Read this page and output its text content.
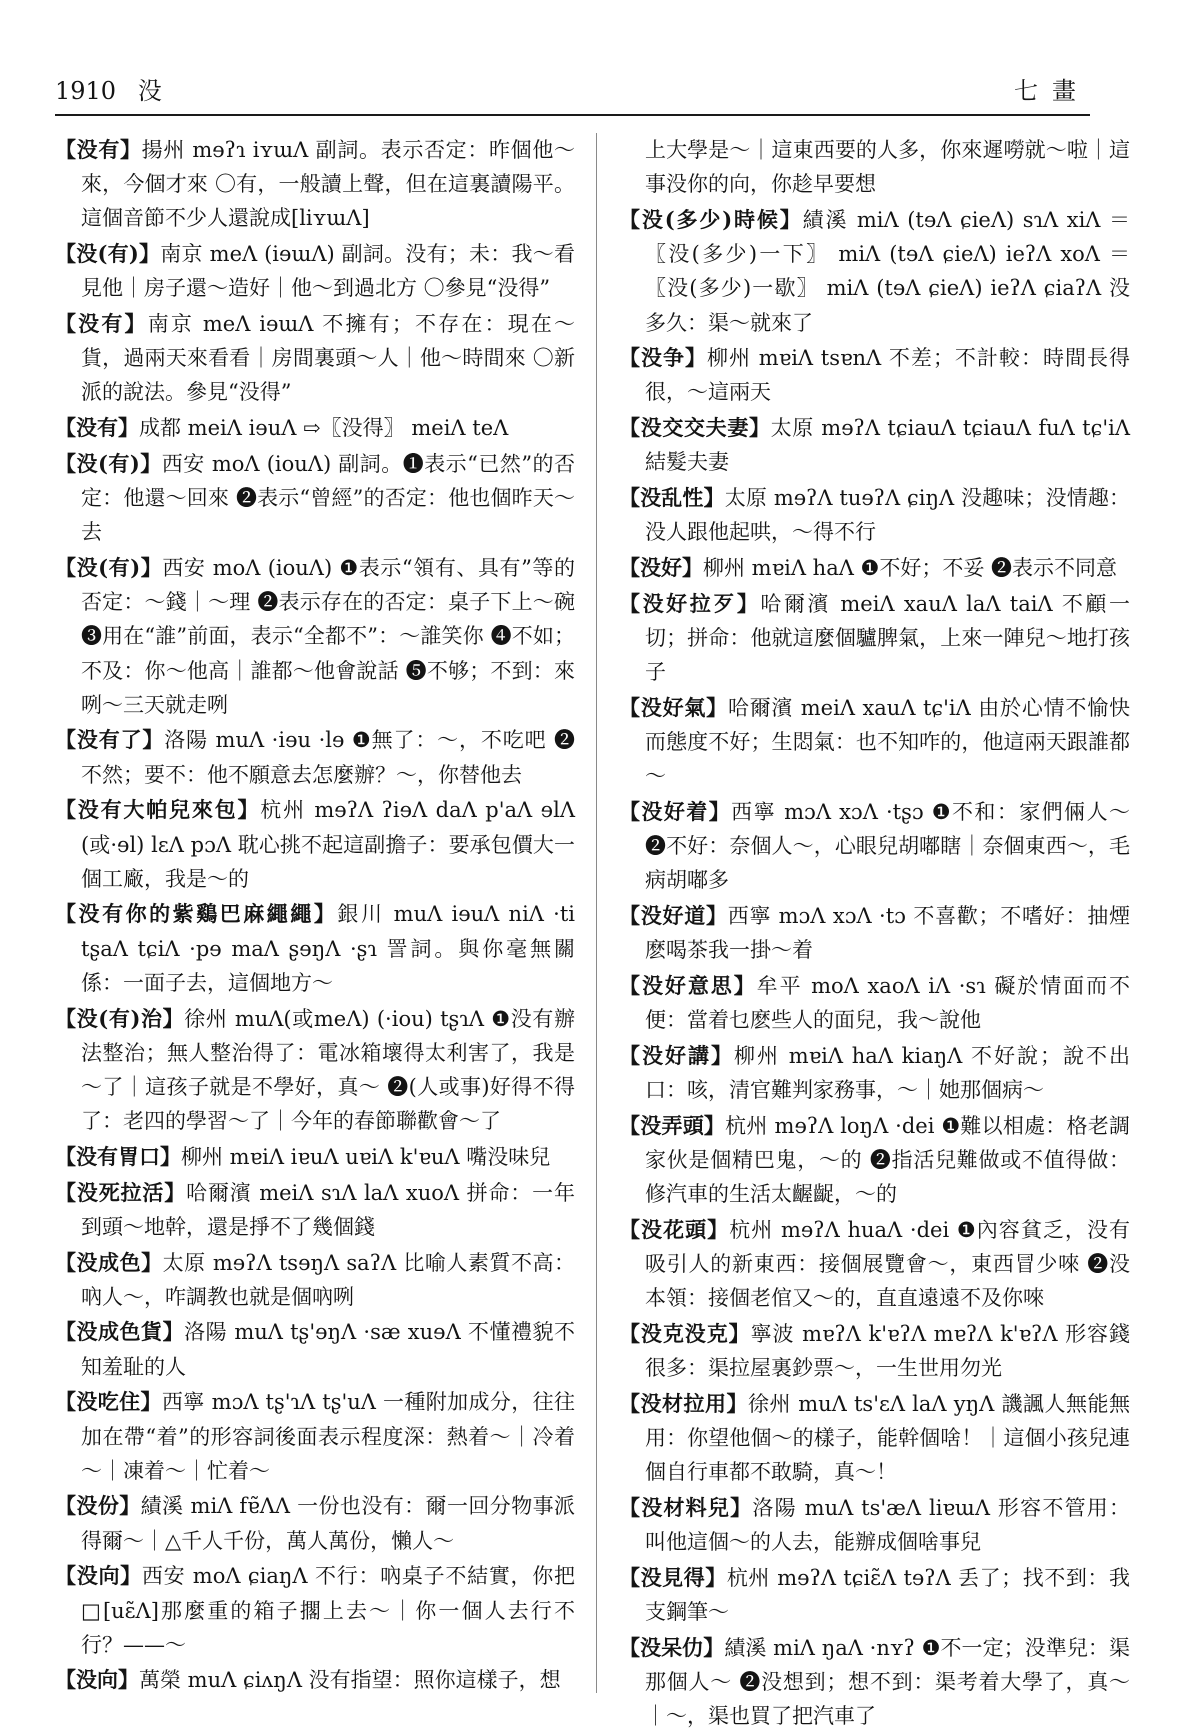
1910 没	七畫
【没有】揚州 mɘʔɿ iʏɯɅ 副詞。表示否定：昨個他～來，今個才來 〇有，一般讀上聲，但在這裏讀陽平。這個音節不少人還說成[liʏɯɅ]
【没(有)】南京 meɅ (iɘɯɅ) 副詞。没有；未：我～看見他｜房子還～造好｜他～到過北方 〇參見“没得”
【没有】南京 meɅ iɘɯɅ 不擁有；不存在：現在～貨，過兩天來看看｜房間裏頭～人｜他～時間來 〇新派的說法。參見“没得”
【没有】成都 meiɅ iɘuɅ ⇨〖没得〗 meiɅ teɅ
【没(有)】西安 moɅ (iouɅ) 副詞。❶表示“已然”的否定：他還～回來 ❷表示“曾經”的否定：他也個昨天～去
【没(有)】西安 moɅ (iouɅ) ❶表示“領有、具有”等的否定：～錢｜～理 ❷表示存在的否定：桌子下上～碗 ❸用在“誰”前面，表示“全都不”：～誰笑你 ❹不如；不及：你～他高｜誰都～他會說話 ❺不够；不到：來咧～三天就走咧
【没有了】洛陽 muɅ ·iɘu ·lɘ ❶無了：～，不吃吧 ❷不然；要不：他不願意去怎麼辦？～，你替他去
【没有大帕兒來包】杭州 mɘʔɅ ʔiɘɅ daɅ p'aɅ ɘlɅ (或·ɘl) lɛɅ pɔɅ 耽心挑不起這副擔子：要承包價大一個工廠，我是～的
【没有你的紫鷄巴麻繩繩】銀川 muɅ iɘuɅ niɅ ·ti tʂaɅ tɕiɅ ·pɘ maɅ ʂɘŋɅ ·ʂɿ 詈詞。與你毫無關係：一面子去，這個地方～
【没(有)治】徐州 muɅ(或meɅ) (·iou) tʂɿɅ ❶没有辦法整治；無人整治得了：電冰箱壞得太利害了，我是～了｜這孩子就是不學好，真～ ❷(人或事)好得不得了：老四的學習～了｜今年的春節聯歡會～了
【没有胃口】柳州 mɐiɅ iɐuɅ uɐiɅ k'ɐuɅ 嘴没味兒
【没死拉活】哈爾濱 meiɅ sɿɅ laɅ xuoɅ 拼命：一年到頭～地幹，還是掙不了幾個錢
【没成色】太原 mɘʔɅ tsɘŋɅ saʔɅ 比喻人素質不高：吶人～，咋調教也就是個吶咧
【没成色貨】洛陽 muɅ tʂ'ɘŋɅ ·sæ xuɘɅ 不懂禮貌不知羞耻的人
【没吃住】西寧 mɔɅ tʂ'ɿɅ tʂ'uɅ 一種附加成分，往往加在帶“着”的形容詞後面表示程度深：熱着～｜冷着～｜凍着～｜忙着～
【没份】績溪 miɅ fɐ̃ɅɅ 一份也没有：爾一回分物事派得爾～｜△千人千份，萬人萬份，懶人～
【没向】西安 moɅ ɕiaŋɅ 不行：吶桌子不結實，你把□[uɛ̃Ʌ]那麼重的箱子擱上去～｜你一個人去行不行？——～
【没向】萬榮 muɅ ɕiʌŋɅ 没有指望：照你這樣子，想
上大學是～｜這東西要的人多，你來遲嘮就～啦｜這事没你的向，你趁早要想
【没(多少)時候】績溪 miɅ (tɘɅ ɕieɅ) sɿɅ xiɅ ＝〖没(多少)一下〗 miɅ (tɘɅ ɕieɅ) ieʔɅ xoɅ ＝〖没(多少)一歇〗 miɅ (tɘɅ ɕieɅ) ieʔɅ ɕiaʔɅ 没多久：渠～就來了
【没争】柳州 mɐiɅ tsɐnɅ 不差；不計較：時間長得很，～這兩天
【没交交夫妻】太原 mɘʔɅ tɕiauɅ tɕiauɅ fuɅ tɕ'iɅ 結髮夫妻
【没乱性】太原 mɘʔɅ tuɘʔɅ ɕiŋɅ 没趣味；没情趣：没人跟他起哄，～得不行
【没好】柳州 mɐiɅ haɅ ❶不好；不妥 ❷表示不同意
【没好拉歹】哈爾濱 meiɅ xauɅ laɅ taiɅ 不顧一切；拼命：他就這麼個驢脾氣，上來一陣兒～地打孩子
【没好氣】哈爾濱 meiɅ xauɅ tɕ'iɅ 由於心情不愉快而態度不好；生悶氣：也不知咋的，他這兩天跟誰都～
【没好着】西寧 mɔɅ xɔɅ ·tʂɔ ❶不和：家們倆人～ ❷不好：奈個人～，心眼兒胡嘟瞎｜奈個東西～，毛病胡嘟多
【没好道】西寧 mɔɅ xɔɅ ·tɔ 不喜歡；不嗜好：抽煙麽喝茶我一掛～着
【没好意思】牟平 moɅ xaoɅ iɅ ·sɿ 礙於情面而不便：當着乜麽些人的面兒，我～說他
【没好講】柳州 mɐiɅ haɅ kiaŋɅ 不好說；說不出口：咳，清官難判家務事，～｜她那個病～
【没弄頭】杭州 mɘʔɅ loŋɅ ·dei ❶難以相處：格老調家伙是個精巴鬼，～的 ❷指活兒難做或不值得做：修汽車的生活太齷齪，～的
【没花頭】杭州 mɘʔɅ huaɅ ·dei ❶內容貧乏，没有吸引人的新東西：接個展覽會～，東西冒少唻 ❷没本領：接個老倌又～的，直直遠遠不及你唻
【没克没克】寧波 mɐʔɅ k'ɐʔɅ mɐʔɅ k'ɐʔɅ 形容錢很多：渠拉屋裏鈔票～，一生世用勿光
【没材拉用】徐州 muɅ ts'ɛɅ laɅ yŋɅ 譏諷人無能無用：你望他個～的樣子，能幹個啥！｜這個小孩兒連個自行車都不敢騎，真～！
【没材料兒】洛陽 muɅ ts'æɅ liɐɯɅ 形容不管用：叫他這個～的人去，能辦成個啥事兒
【没見得】杭州 mɘʔɅ tɕiɛ̃Ʌ tɘʔɅ 丢了；找不到：我支鋼筆～
【没呆仂】績溪 miɅ ŋaɅ ·nʏʔ ❶不一定；没準兒：渠那個人～ ❷没想到；想不到：渠考着大學了，真～｜～，渠也買了把汽車了
